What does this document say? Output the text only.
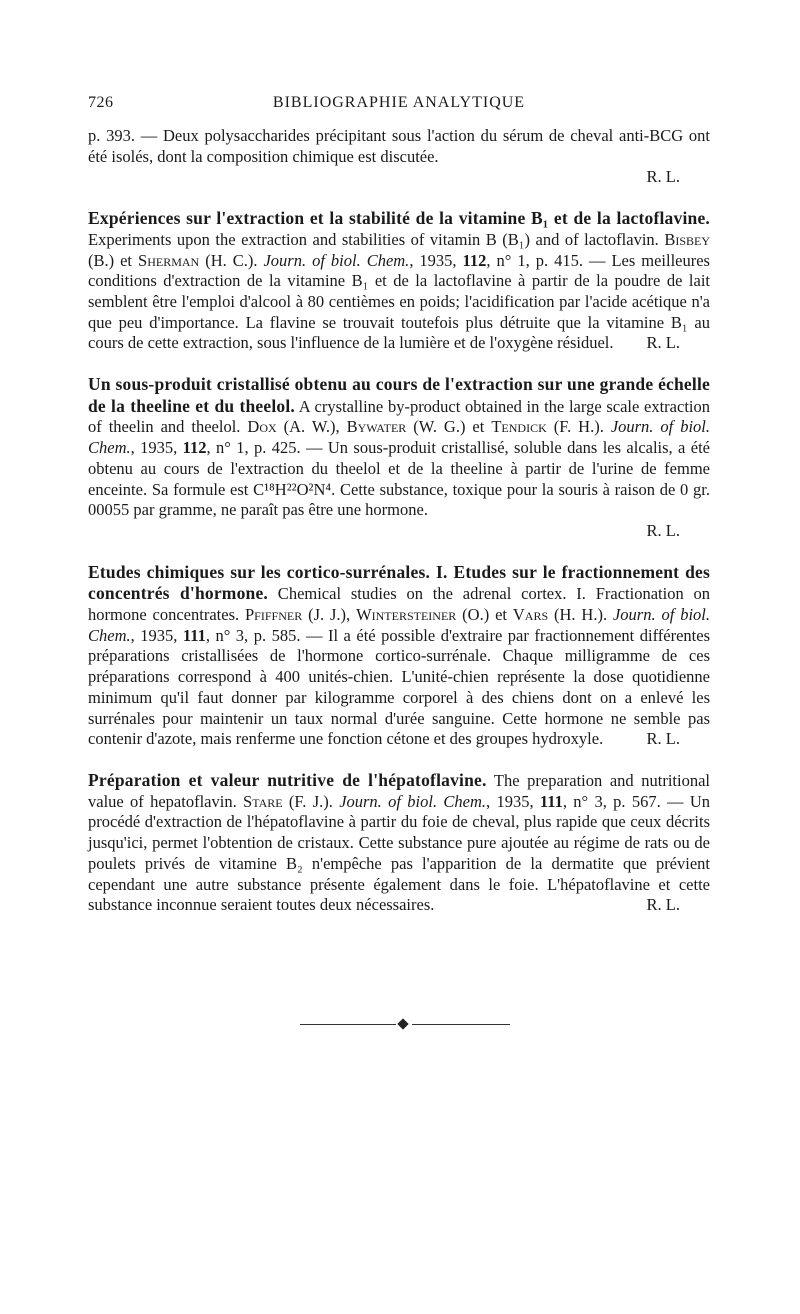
726	BIBLIOGRAPHIE ANALYTIQUE

p. 393. — Deux polysaccharides précipitant sous l'action du sérum de cheval anti-BCG ont été isolés, dont la composition chimique est discutée.
R. L.

Expériences sur l'extraction et la stabilité de la vitamine B₁ et de la lactoflavine. Experiments upon the extraction and stabilities of vitamin B (B₁) and of lactoflavin. Bisbey (B.) et Sherman (H. C.). Journ. of biol. Chem., 1935, 112, n° 1, p. 415. — Les meilleures conditions d'extraction de la vitamine B₁ et de la lactoflavine à partir de la poudre de lait semblent être l'emploi d'alcool à 80 centièmes en poids; l'acidification par l'acide acétique n'a que peu d'importance. La flavine se trouvait toutefois plus détruite que la vitamine B₁ au cours de cette extraction, sous l'influence de la lumière et de l'oxygène résiduel. R. L.

Un sous-produit cristallisé obtenu au cours de l'extraction sur une grande échelle de la theeline et du theelol. A crystalline by-product obtained in the large scale extraction of theelin and theelol. Dox (A. W.), Bywater (W. G.) et Tendick (F. H.). Journ. of biol. Chem., 1935, 112, n° 1, p. 425. — Un sous-produit cristallisé, soluble dans les alcalis, a été obtenu au cours de l'extraction du theelol et de la theeline à partir de l'urine de femme enceinte. Sa formule est C¹⁸H²²O²N⁴. Cette substance, toxique pour la souris à raison de 0 gr. 00055 par gramme, ne paraît pas être une hormone.
R. L.

Etudes chimiques sur les cortico-surrénales. I. Etudes sur le fractionnement des concentrés d'hormone. Chemical studies on the adrenal cortex. I. Fractionation on hormone concentrates. Pfiffner (J. J.), Wintersteiner (O.) et Vars (H. H.). Journ. of biol. Chem., 1935, 111, n° 3, p. 585. — Il a été possible d'extraire par fractionnement différentes préparations cristallisées de l'hormone cortico-surrénale. Chaque milligramme de ces préparations correspond à 400 unités-chien. L'unité-chien représente la dose quotidienne minimum qu'il faut donner par kilogramme corporel à des chiens dont on a enlevé les surrénales pour maintenir un taux normal d'urée sanguine. Cette hormone ne semble pas contenir d'azote, mais renferme une fonction cétone et des groupes hydroxyle.	R. L.

Préparation et valeur nutritive de l'hépatoflavine. The preparation and nutritional value of hepatoflavin. Stare (F. J.). Journ. of biol. Chem., 1935, 111, n° 3, p. 567. — Un procédé d'extraction de l'hépatoflavine à partir du foie de cheval, plus rapide que ceux décrits jusqu'ici, permet l'obtention de cristaux. Cette substance pure ajoutée au régime de rats ou de poulets privés de vitamine B₂ n'empêche pas l'apparition de la dermatite que prévient cependant une autre substance présente également dans le foie. L'hépatoflavine et cette substance inconnue seraient toutes deux nécessaires.	R. L.
